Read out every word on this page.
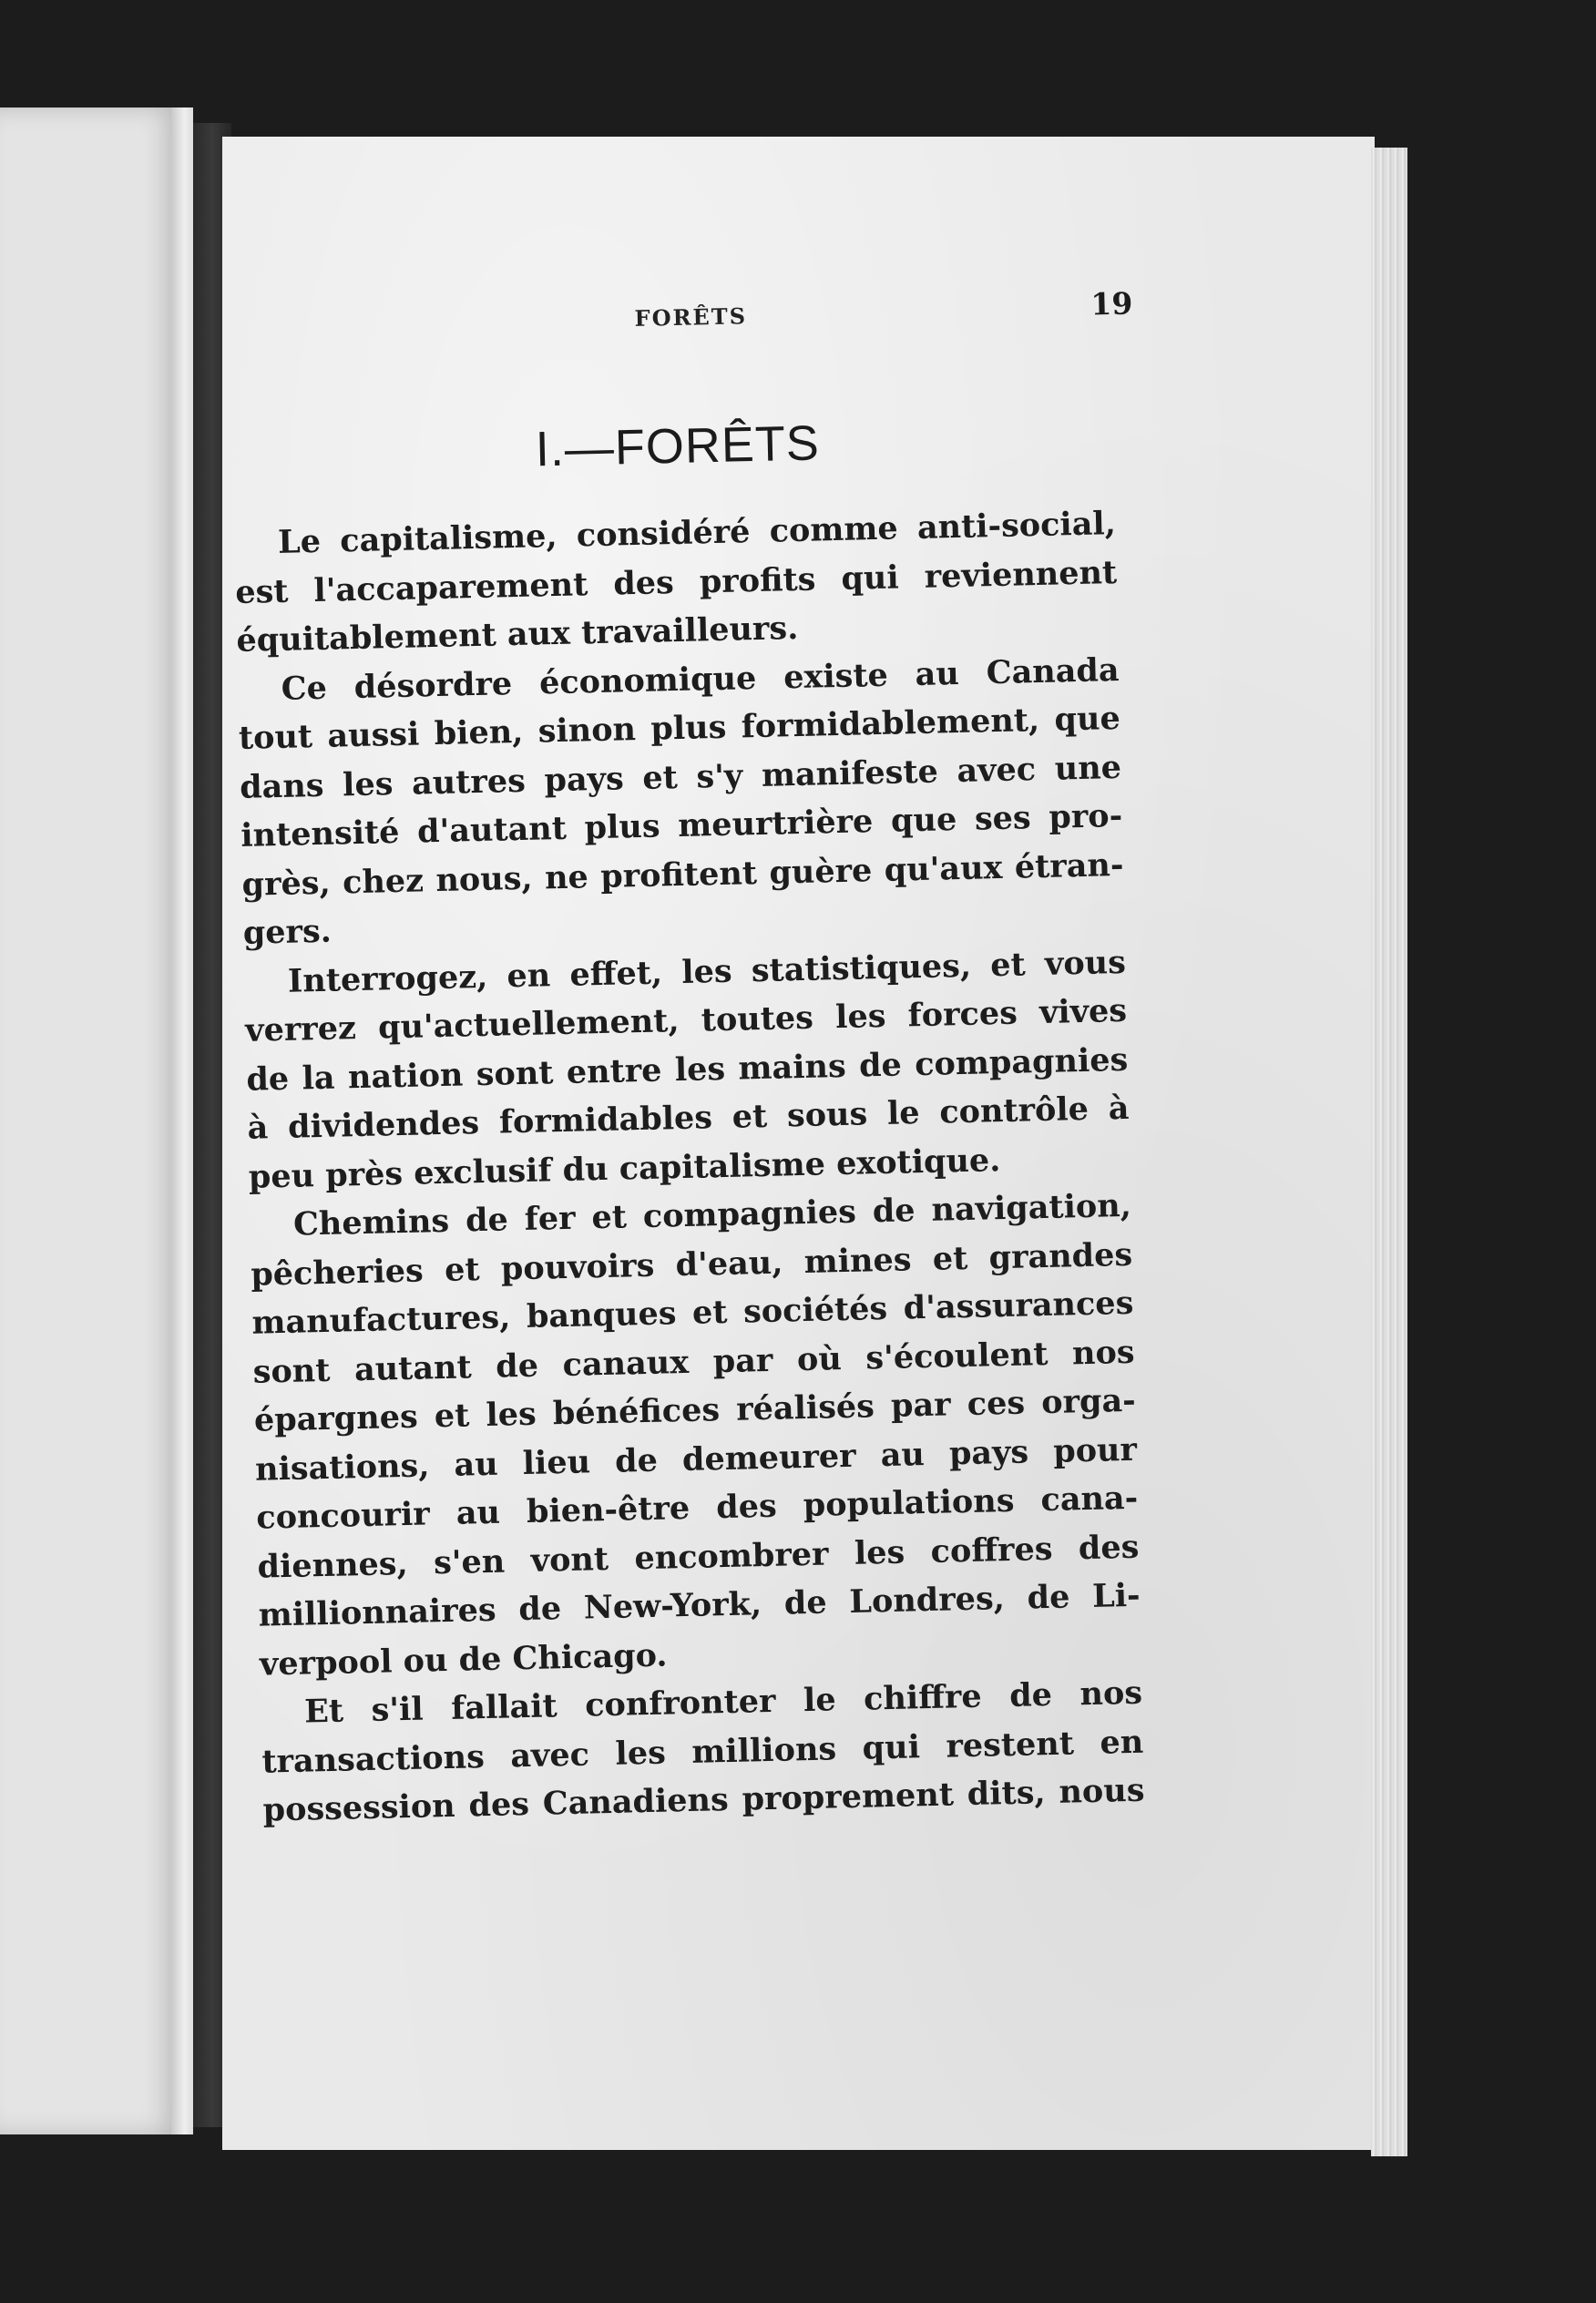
FORÊTS	19
I.—FORÊTS
Le capitalisme, considéré comme anti-social,
est l'accaparement des profits qui reviennent
équitablement aux travailleurs.
Ce désordre économique existe au Canada
tout aussi bien, sinon plus formidablement, que
dans les autres pays et s'y manifeste avec une
intensité d'autant plus meurtrière que ses pro-
grès, chez nous, ne profitent guère qu'aux étran-
gers.
Interrogez, en effet, les statistiques, et vous
verrez qu'actuellement, toutes les forces vives
de la nation sont entre les mains de compagnies
à dividendes formidables et sous le contrôle à
peu près exclusif du capitalisme exotique.
Chemins de fer et compagnies de navigation,
pêcheries et pouvoirs d'eau, mines et grandes
manufactures, banques et sociétés d'assurances
sont autant de canaux par où s'écoulent nos
épargnes et les bénéfices réalisés par ces orga-
nisations, au lieu de demeurer au pays pour
concourir au bien-être des populations cana-
diennes, s'en vont encombrer les coffres des
millionnaires de New-York, de Londres, de Li-
verpool ou de Chicago.
Et s'il fallait confronter le chiffre de nos
transactions avec les millions qui restent en
possession des Canadiens proprement dits, nous
